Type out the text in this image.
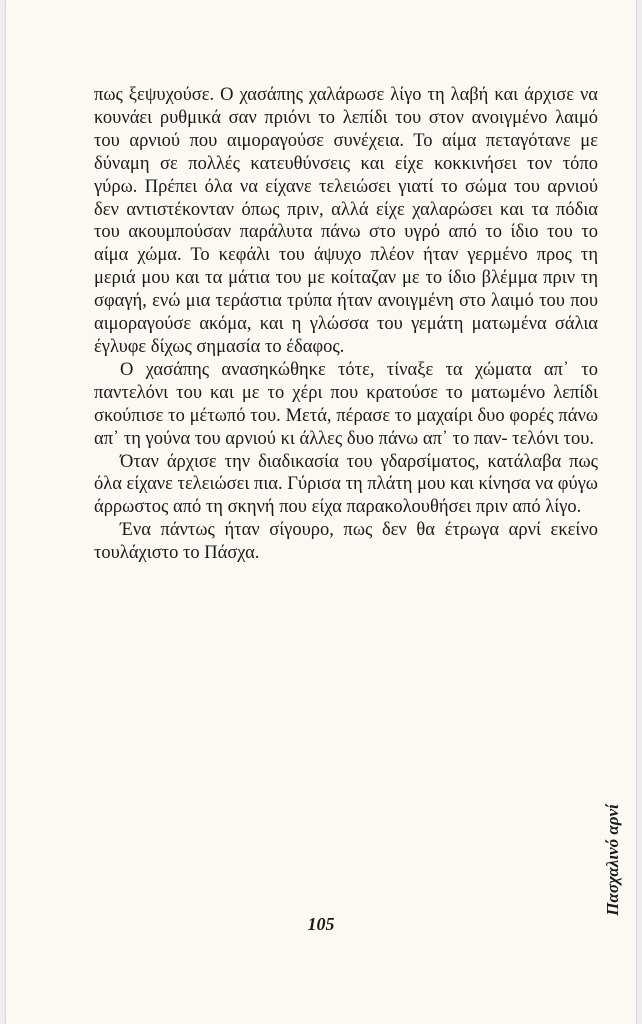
πως ξεψυχούσε. Ο χασάπης χαλάρωσε λίγο τη λαβή και άρχισε να κουνάει ρυθμικά σαν πριόνι το λεπίδι του στον ανοιγμένο λαιμό του αρνιού που αιμοραγούσε συνέχεια. Το αίμα πεταγότανε με δύναμη σε πολλές κατευθύνσεις και είχε κοκκινήσει τον τόπο γύρω. Πρέπει όλα να είχανε τελειώσει γιατί το σώμα του αρνιού δεν αντιστέκονταν όπως πριν, αλλά είχε χαλαρώσει και τα πόδια του ακουμπούσαν παράλυτα πάνω στο υγρό από το ίδιο του το αίμα χώμα. Το κεφάλι του άψυχο πλέον ήταν γερμένο προς τη μεριά μου και τα μάτια του με κοίταζαν με το ίδιο βλέμμα πριν τη σφαγή, ενώ μια τεράστια τρύπα ήταν ανοιγμένη στο λαιμό του που αιμοραγούσε ακόμα, και η γλώσσα του γεμάτη ματωμένα σάλια έγλυφε δίχως σημασία το έδαφος.

Ο χασάπης ανασηκώθηκε τότε, τίναξε τα χώματα απ᾽ το παντελόνι του και με το χέρι που κρατούσε το ματωμένο λεπίδι σκούπισε το μέτωπό του. Μετά, πέρασε το μαχαίρι δυο φορές πάνω απ᾽ τη γούνα του αρνιού κι άλλες δυο πάνω απ᾽ το παν- τελόνι του.

Όταν άρχισε την διαδικασία του γδαρσίματος, κατάλαβα πως όλα είχανε τελειώσει πια. Γύρισα τη πλάτη μου και κίνησα να φύγω άρρωστος από τη σκηνή που είχα παρακολουθήσει πριν από λίγο.

Ένα πάντως ήταν σίγουρο, πως δεν θα έτρωγα αρνί εκείνο τουλάχιστο το Πάσχα.

Πασχαλινό αρνί
105
